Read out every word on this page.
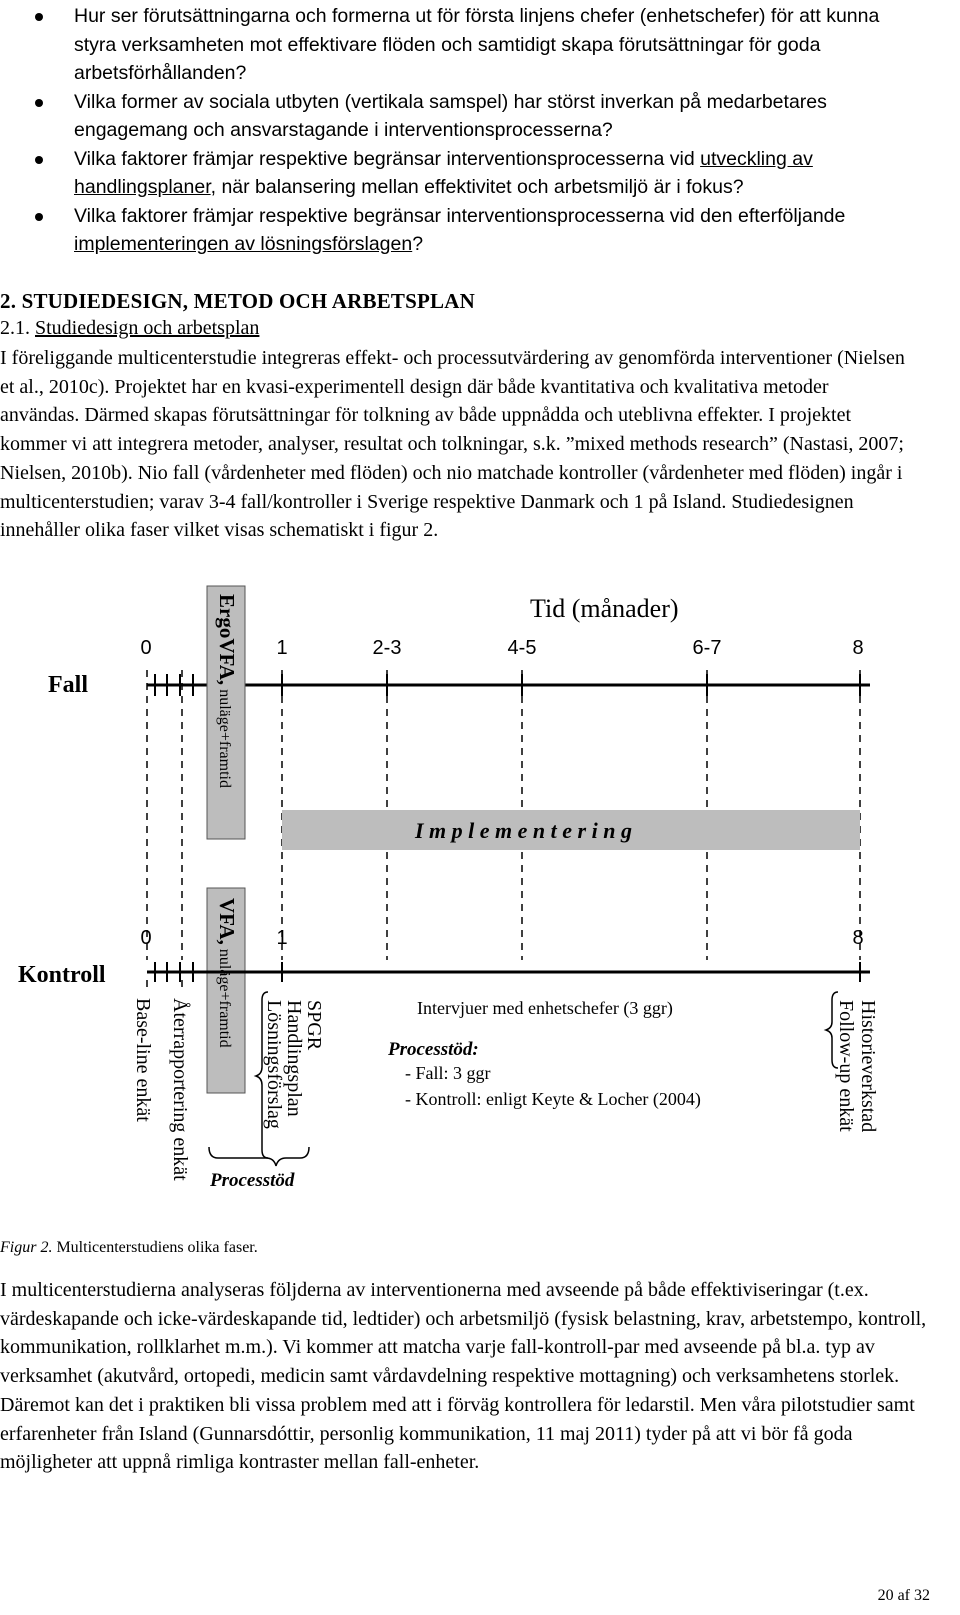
Hur ser förutsättningarna och formerna ut för första linjens chefer (enhetschefer) för att kunna styra verksamheten mot effektivare flöden och samtidigt skapa förutsättningar för goda arbetsförhållanden?
Vilka former av sociala utbyten (vertikala samspel) har störst inverkan på medarbetares engagemang och ansvarstagande i interventionsprocesserna?
Vilka faktorer främjar respektive begränsar interventionsprocesserna vid utveckling av handlingsplaner, när balansering mellan effektivitet och arbetsmiljö är i fokus?
Vilka faktorer främjar respektive begränsar interventionsprocesserna vid den efterföljande implementeringen av lösningsförslagen?
2. STUDIEDESIGN, METOD OCH ARBETSPLAN
2.1. Studiedesign och arbetsplan

I föreliggande multicenterstudie integreras effekt- och processutvärdering av genomförda interventioner (Nielsen et al., 2010c). Projektet har en kvasi-experimentell design där både kvantitativa och kvalitativa metoder användas. Därmed skapas förutsättningar för tolkning av både uppnådda och uteblivna effekter. I projektet kommer vi att integrera metoder, analyser, resultat och tolkningar, s.k. ”mixed methods research” (Nastasi, 2007; Nielsen, 2010b). Nio fall (vårdenheter med flöden) och nio matchade kontroller (vårdenheter med flöden) ingår i multicenterstudien; varav 3-4 fall/kontroller i Sverige respektive Danmark och 1 på Island. Studiedesignen innehåller olika faser vilket visas schematiskt i figur 2.

Tid (månader)
Fall
0	1	2-3	4-5	6-7	8
ErgoVFA, nuläge+framtid
I m p l e m e n t e r i n g
VFA, nuläge+framtid
Kontroll
0	1	8
Base-line enkät Återrapportering enkät	Lösningsförslag
Handlingsplan
SPGR
Processtöd
Intervjuer med enhetschefer (3 ggr)
Processtöd:
- Fall: 3 ggr
- Kontroll: enligt Keyte & Locher (2004)	Follow-up enkät Historieverkstad
Figur 2. Multicenterstudiens olika faser.

I multicenterstudierna analyseras följderna av interventionerna med avseende på både effektiviseringar (t.ex. värdeskapande och icke-värdeskapande tid, ledtider) och arbetsmiljö (fysisk belastning, krav, arbetstempo, kontroll, kommunikation, rollklarhet m.m.). Vi kommer att matcha varje fall-kontroll-par med avseende på bl.a. typ av verksamhet (akutvård, ortopedi, medicin samt vårdavdelning respektive mottagning) och verksamhetens storlek. Däremot kan det i praktiken bli vissa problem med att i förväg kontrollera för ledarstil. Men våra pilotstudier samt erfarenheter från Island (Gunnarsdóttir, personlig kommunikation, 11 maj 2011) tyder på att vi bör få goda möjligheter att uppnå rimliga kontraster mellan fall-enheter.

20 af 32
